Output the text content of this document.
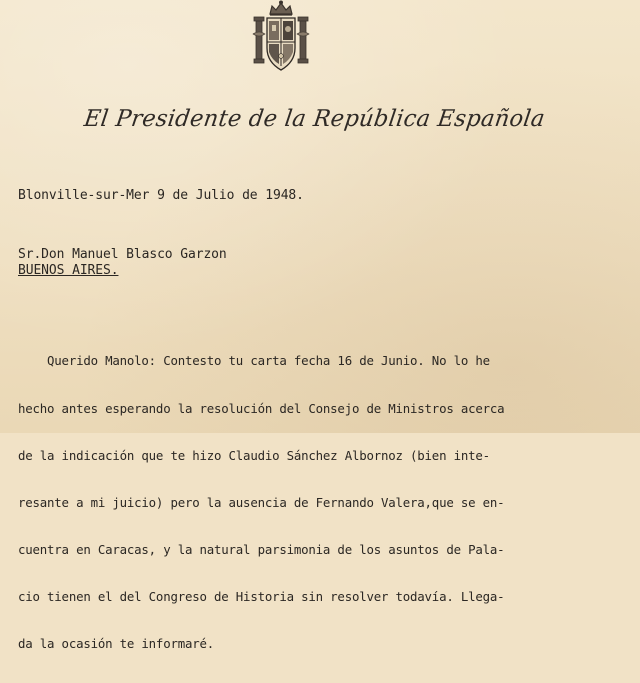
El Presidente de la República Española
Blonville-sur-Mer 9 de Julio de 1948.
Sr.Don Manuel Blasco Garzon
BUENOS AIRES.

Querido Manolo: Contesto tu carta fecha 16 de Junio. No lo he

hecho antes esperando la resolución del Consejo de Ministros acerca

de la indicación que te hizo Claudio Sánchez Albornoz (bien inte-

resante a mi juicio) pero la ausencia de Fernando Valera,que se en-

cuentra en Caracas, y la natural parsimonia de los asuntos de Pala-

cio tienen el del Congreso de Historia sin resolver todavía. Llega-

da la ocasión te informaré.
